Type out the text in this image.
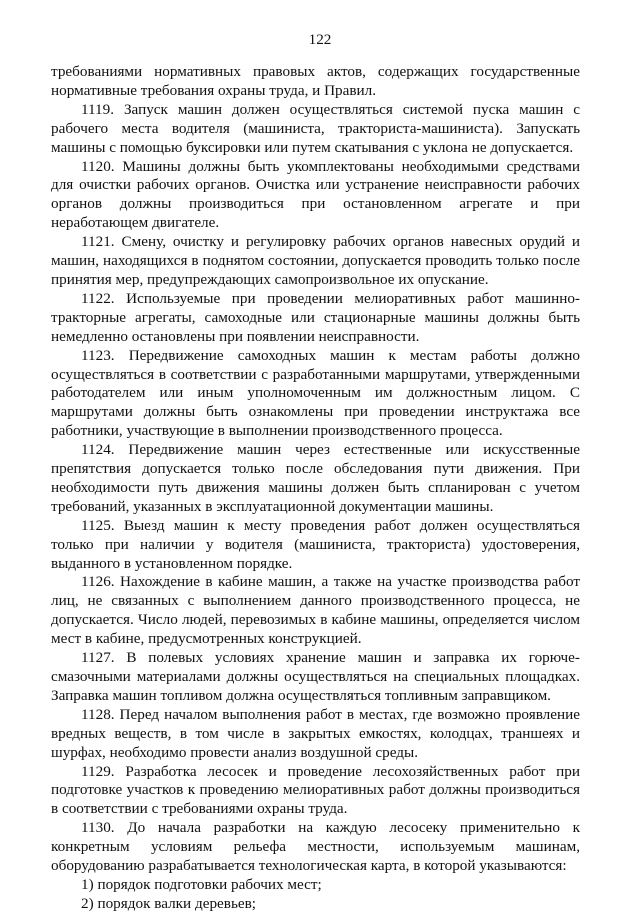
122

требованиями нормативных правовых актов, содержащих государственные нормативные требования охраны труда, и Правил.

1119. Запуск машин должен осуществляться системой пуска машин с рабочего места водителя (машиниста, тракториста-машиниста). Запускать машины с помощью буксировки или путем скатывания с уклона не допускается.

1120. Машины должны быть укомплектованы необходимыми средствами для очистки рабочих органов. Очистка или устранение неисправности рабочих органов должны производиться при остановленном агрегате и при неработающем двигателе.

1121. Смену, очистку и регулировку рабочих органов навесных орудий и машин, находящихся в поднятом состоянии, допускается проводить только после принятия мер, предупреждающих самопроизвольное их опускание.

1122. Используемые при проведении мелиоративных работ машинно-тракторные агрегаты, самоходные или стационарные машины должны быть немедленно остановлены при появлении неисправности.

1123. Передвижение самоходных машин к местам работы должно осуществляться в соответствии с разработанными маршрутами, утвержденными работодателем или иным уполномоченным им должностным лицом. С маршрутами должны быть ознакомлены при проведении инструктажа все работники, участвующие в выполнении производственного процесса.

1124. Передвижение машин через естественные или искусственные препятствия допускается только после обследования пути движения. При необходимости путь движения машины должен быть спланирован с учетом требований, указанных в эксплуатационной документации машины.

1125. Выезд машин к месту проведения работ должен осуществляться только при наличии у водителя (машиниста, тракториста) удостоверения, выданного в установленном порядке.

1126. Нахождение в кабине машин, а также на участке производства работ лиц, не связанных с выполнением данного производственного процесса, не допускается. Число людей, перевозимых в кабине машины, определяется числом мест в кабине, предусмотренных конструкцией.

1127. В полевых условиях хранение машин и заправка их горюче-смазочными материалами должны осуществляться на специальных площадках. Заправка машин топливом должна осуществляться топливным заправщиком.

1128. Перед началом выполнения работ в местах, где возможно проявление вредных веществ, в том числе в закрытых емкостях, колодцах, траншеях и шурфах, необходимо провести анализ воздушной среды.

1129. Разработка лесосек и проведение лесохозяйственных работ при подготовке участков к проведению мелиоративных работ должны производиться в соответствии с требованиями охраны труда.

1130. До начала разработки на каждую лесосеку применительно к конкретным условиям рельефа местности, используемым машинам, оборудованию разрабатывается технологическая карта, в которой указываются:

1) порядок подготовки рабочих мест;

2) порядок валки деревьев;
